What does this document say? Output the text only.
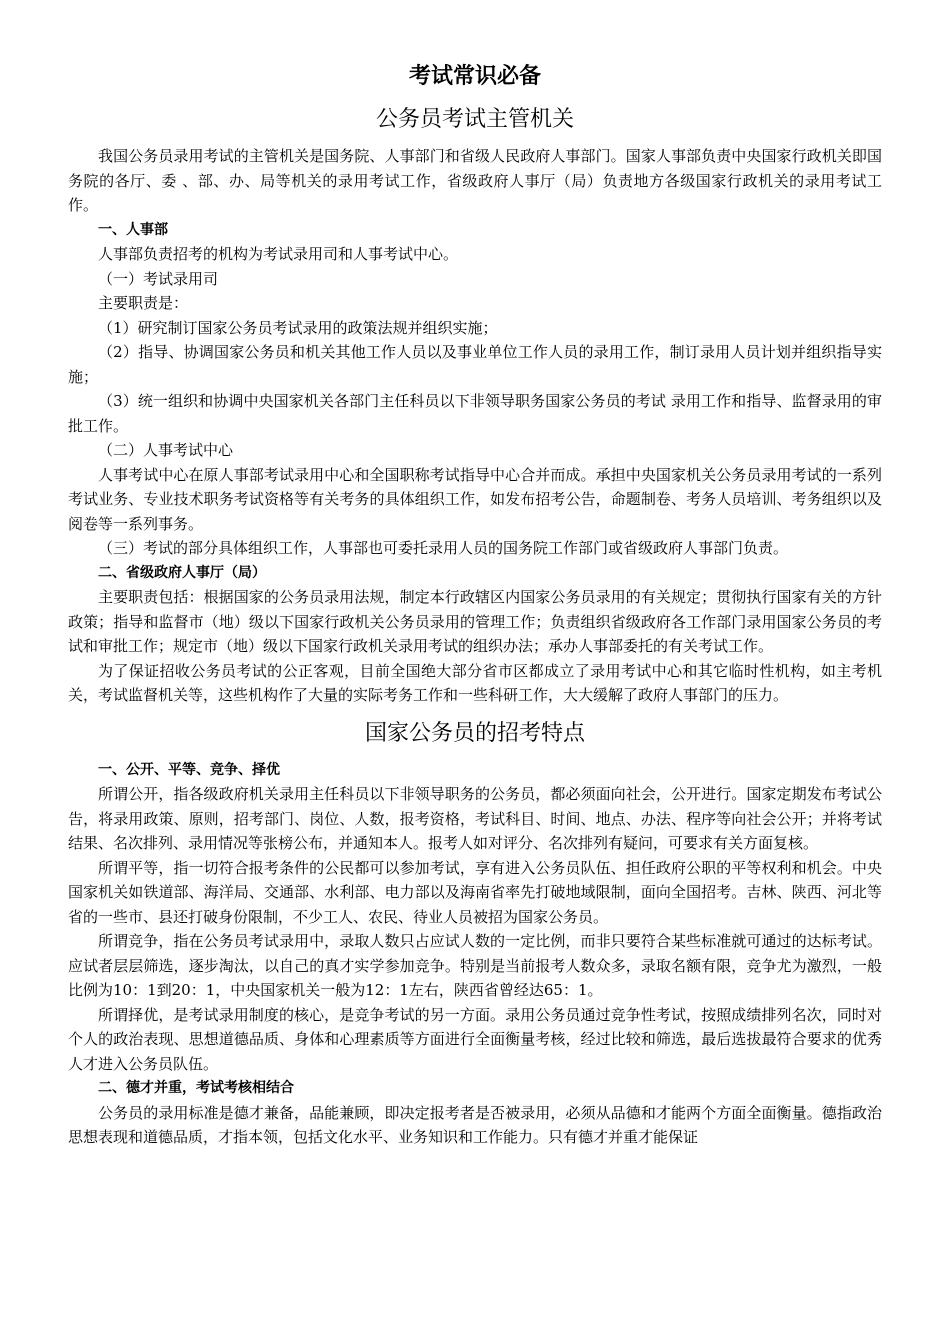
考试常识必备
公务员考试主管机关

我国公务员录用考试的主管机关是国务院、人事部门和省级人民政府人事部门。国家人事部负责中央国家行政机关即国务院的各厅、委 、部、办、局等机关的录用考试工作，省级政府人事厅（局）负责地方各级国家行政机关的录用考试工作。

一、人事部

人事部负责招考的机构为考试录用司和人事考试中心。

（一）考试录用司

主要职责是：

（1）研究制订国家公务员考试录用的政策法规并组织实施；

（2）指导、协调国家公务员和机关其他工作人员以及事业单位工作人员的录用工作，制订录用人员计划并组织指导实施；

（3）统一组织和协调中央国家机关各部门主任科员以下非领导职务国家公务员的考试 录用工作和指导、监督录用的审批工作。

（二）人事考试中心

人事考试中心在原人事部考试录用中心和全国职称考试指导中心合并而成。承担中央国家机关公务员录用考试的一系列考试业务、专业技术职务考试资格等有关考务的具体组织工作，如发布招考公告，命题制卷、考务人员培训、考务组织以及阅卷等一系列事务。

（三）考试的部分具体组织工作，人事部也可委托录用人员的国务院工作部门或省级政府人事部门负责。

二、省级政府人事厅（局）

主要职责包括：根据国家的公务员录用法规，制定本行政辖区内国家公务员录用的有关规定；贯彻执行国家有关的方针政策；指导和监督市（地）级以下国家行政机关公务员录用的管理工作；负责组织省级政府各工作部门录用国家公务员的考试和审批工作；规定市（地）级以下国家行政机关录用考试的组织办法；承办人事部委托的有关考试工作。

为了保证招收公务员考试的公正客观，目前全国绝大部分省市区都成立了录用考试中心和其它临时性机构，如主考机关，考试监督机关等，这些机构作了大量的实际考务工作和一些科研工作，大大缓解了政府人事部门的压力。

国家公务员的招考特点

一、公开、平等、竞争、择优

所谓公开，指各级政府机关录用主任科员以下非领导职务的公务员，都必须面向社会，公开进行。国家定期发布考试公告，将录用政策、原则，招考部门、岗位、人数，报考资格，考试科目、时间、地点、办法、程序等向社会公开；并将考试结果、名次排列、录用情况等张榜公布，并通知本人。报考人如对评分、名次排列有疑问，可要求有关方面复核。

所谓平等，指一切符合报考条件的公民都可以参加考试，享有进入公务员队伍、担任政府公职的平等权利和机会。中央国家机关如铁道部、海洋局、交通部、水利部、电力部以及海南省率先打破地域限制，面向全国招考。吉林、陕西、河北等省的一些市、县还打破身份限制，不少工人、农民、待业人员被招为国家公务员。

所谓竞争，指在公务员考试录用中，录取人数只占应试人数的一定比例，而非只要符合某些标准就可通过的达标考试。应试者层层筛选，逐步淘汰，以自己的真才实学参加竞争。特别是当前报考人数众多，录取名额有限，竞争尤为激烈，一般比例为10：1到20：1，中央国家机关一般为12：1左右，陕西省曾经达65：1。

所谓择优，是考试录用制度的核心，是竞争考试的另一方面。录用公务员通过竞争性考试，按照成绩排列名次，同时对个人的政治表现、思想道德品质、身体和心理素质等方面进行全面衡量考核，经过比较和筛选，最后选拔最符合要求的优秀人才进入公务员队伍。

二、德才并重，考试考核相结合

公务员的录用标准是德才兼备，品能兼顾，即决定报考者是否被录用，必须从品德和才能两个方面全面衡量。德指政治思想表现和道德品质，才指本领，包括文化水平、业务知识和工作能力。只有德才并重才能保证
